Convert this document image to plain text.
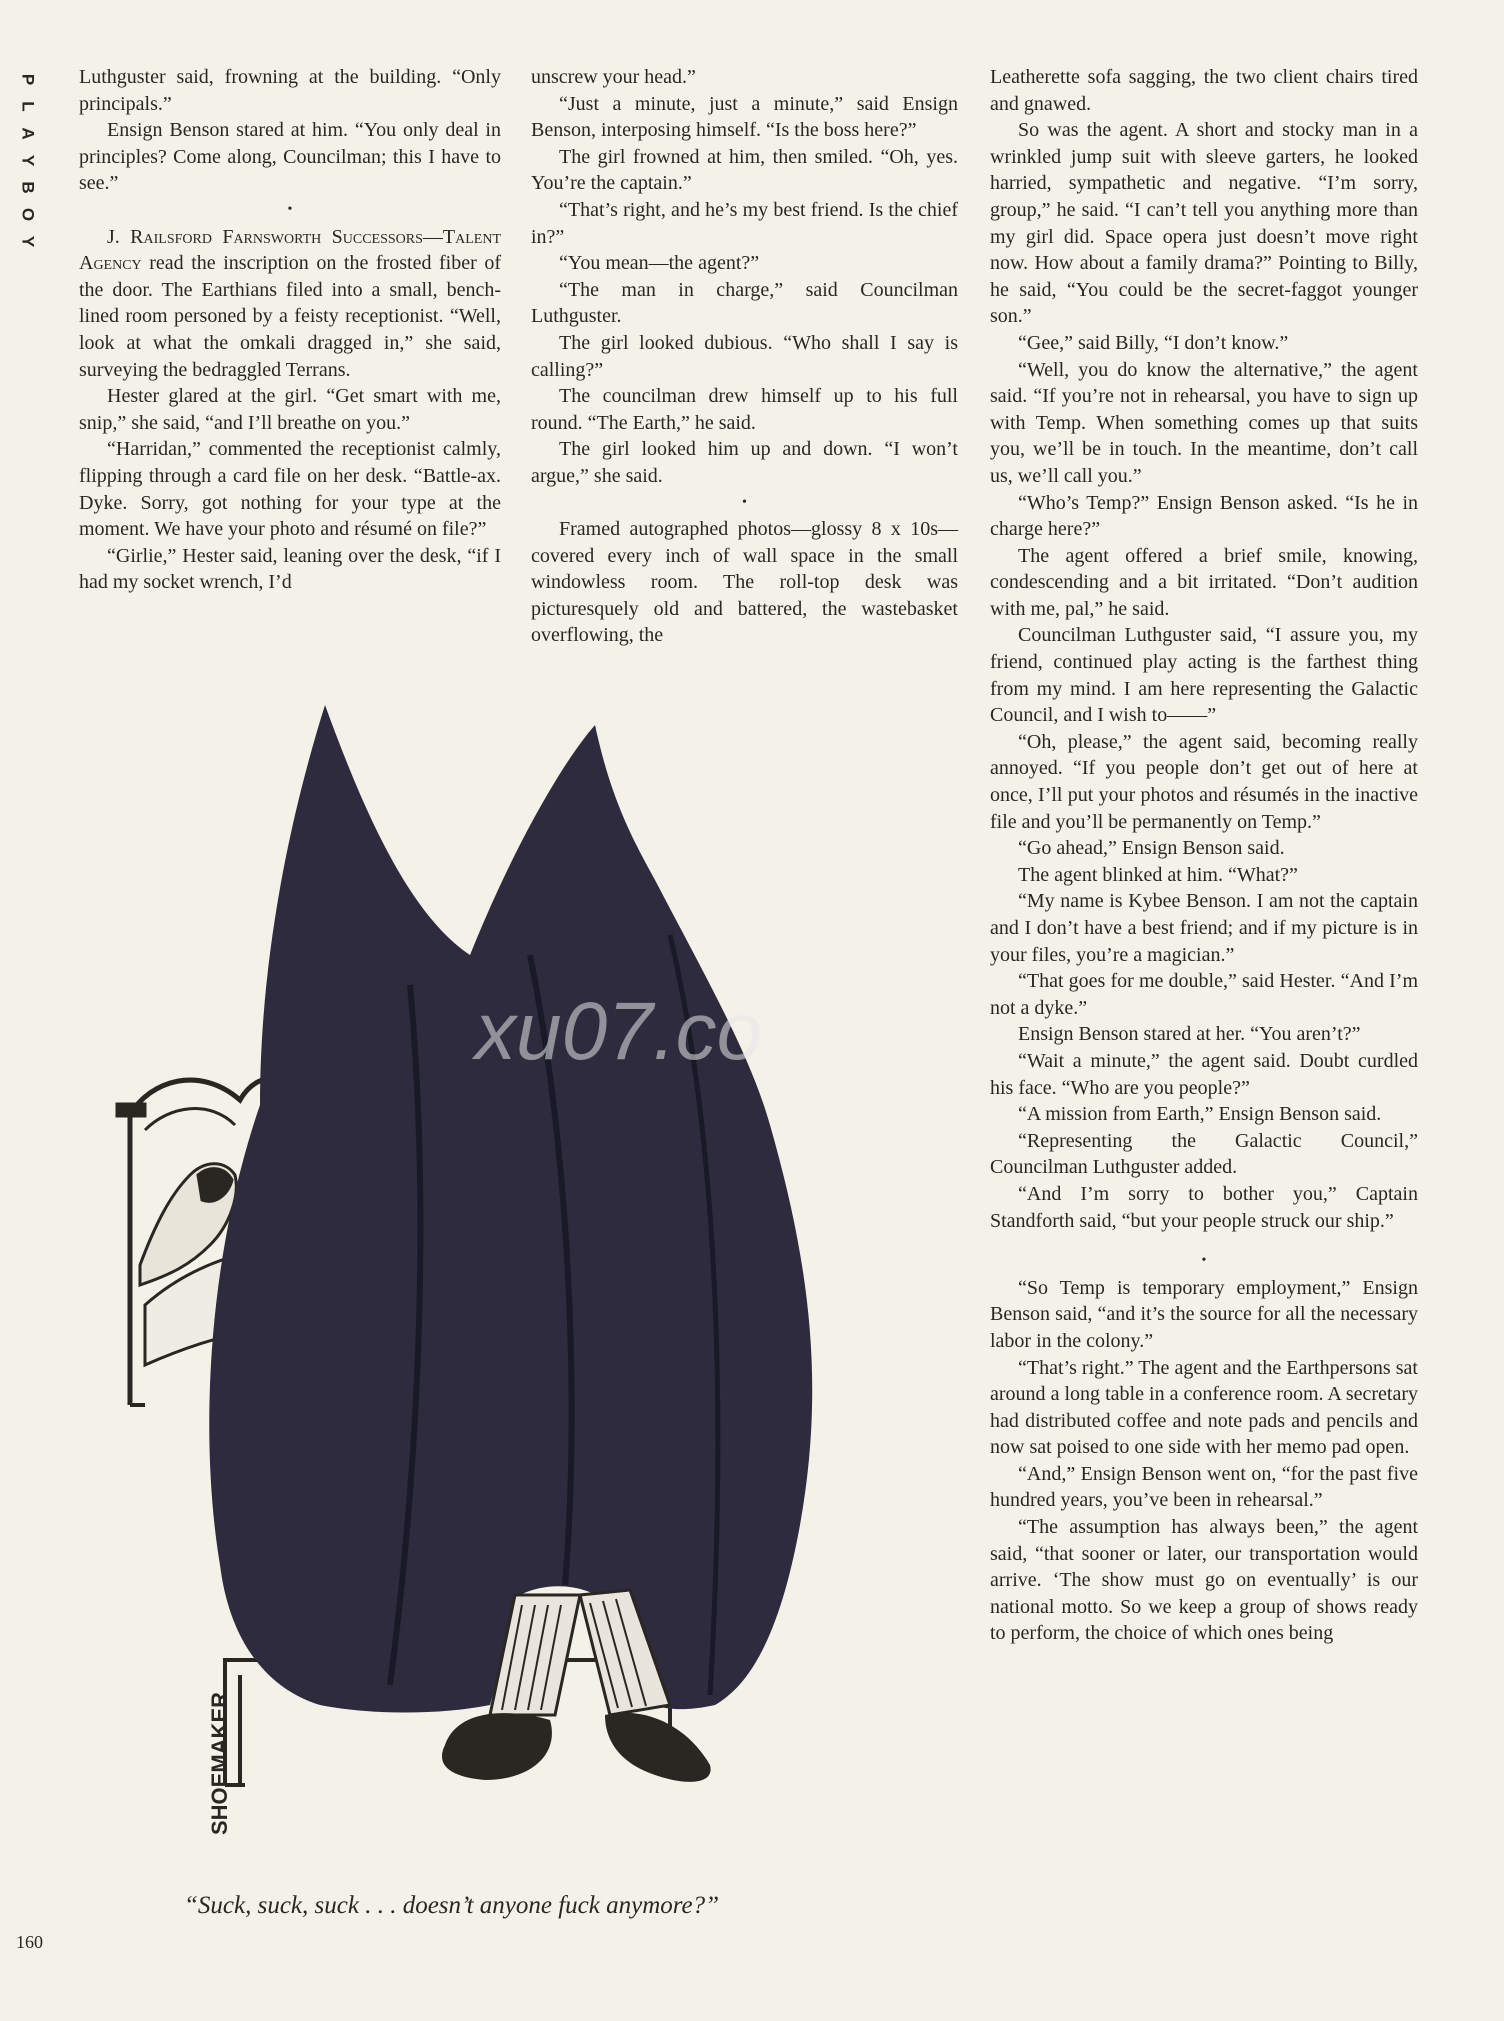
P
L
A
Y
B
O
Y

Luthguster said, frowning at the building. “Only principals.”

Ensign Benson stared at him. “You only deal in principles? Come along, Councilman; this I have to see.”

•

J. Railsford Farnsworth Successors—Talent Agency read the inscription on the frosted fiber of the door. The Earthians filed into a small, bench-lined room personed by a feisty receptionist. “Well, look at what the omkali dragged in,” she said, surveying the bedraggled Terrans.

Hester glared at the girl. “Get smart with me, snip,” she said, “and I’ll breathe on you.”

“Harridan,” commented the receptionist calmly, flipping through a card file on her desk. “Battle-ax. Dyke. Sorry, got nothing for your type at the moment. We have your photo and résumé on file?”

“Girlie,” Hester said, leaning over the desk, “if I had my socket wrench, I’d

unscrew your head.”

“Just a minute, just a minute,” said Ensign Benson, interposing himself. “Is the boss here?”

The girl frowned at him, then smiled. “Oh, yes. You’re the captain.”

“That’s right, and he’s my best friend. Is the chief in?”

“You mean—the agent?”

“The man in charge,” said Councilman Luthguster.

The girl looked dubious. “Who shall I say is calling?”

The councilman drew himself up to his full round. “The Earth,” he said.

The girl looked him up and down. “I won’t argue,” she said.

•

Framed autographed photos—glossy 8 x 10s—covered every inch of wall space in the small windowless room. The roll-top desk was picturesquely old and battered, the wastebasket overflowing, the

Leatherette sofa sagging, the two client chairs tired and gnawed.

So was the agent. A short and stocky man in a wrinkled jump suit with sleeve garters, he looked harried, sympathetic and negative. “I’m sorry, group,” he said. “I can’t tell you anything more than my girl did. Space opera just doesn’t move right now. How about a family drama?” Pointing to Billy, he said, “You could be the secret-faggot younger son.”

“Gee,” said Billy, “I don’t know.”

“Well, you do know the alternative,” the agent said. “If you’re not in rehearsal, you have to sign up with Temp. When something comes up that suits you, we’ll be in touch. In the meantime, don’t call us, we’ll call you.”

“Who’s Temp?” Ensign Benson asked. “Is he in charge here?”

The agent offered a brief smile, knowing, condescending and a bit irritated. “Don’t audition with me, pal,” he said.

Councilman Luthguster said, “I assure you, my friend, continued play acting is the farthest thing from my mind. I am here representing the Galactic Council, and I wish to——”

“Oh, please,” the agent said, becoming really annoyed. “If you people don’t get out of here at once, I’ll put your photos and résumés in the inactive file and you’ll be permanently on Temp.”

“Go ahead,” Ensign Benson said.

The agent blinked at him. “What?”

“My name is Kybee Benson. I am not the captain and I don’t have a best friend; and if my picture is in your files, you’re a magician.”

“That goes for me double,” said Hester. “And I’m not a dyke.”

Ensign Benson stared at her. “You aren’t?”

“Wait a minute,” the agent said. Doubt curdled his face. “Who are you people?”

“A mission from Earth,” Ensign Benson said.

“Representing the Galactic Council,” Councilman Luthguster added.

“And I’m sorry to bother you,” Captain Standforth said, “but your people struck our ship.”

•

“So Temp is temporary employment,” Ensign Benson said, “and it’s the source for all the necessary labor in the colony.”

“That’s right.” The agent and the Earthpersons sat around a long table in a conference room. A secretary had distributed coffee and note pads and pencils and now sat poised to one side with her memo pad open.

“And,” Ensign Benson went on, “for the past five hundred years, you’ve been in rehearsal.”

“The assumption has always been,” the agent said, “that sooner or later, our transportation would arrive. ‘The show must go on eventually’ is our national motto. So we keep a group of shows ready to perform, the choice of which ones being

SHOEMAKER
xu07.co
“Suck, suck, suck . . . doesn’t anyone fuck anymore?”
160
